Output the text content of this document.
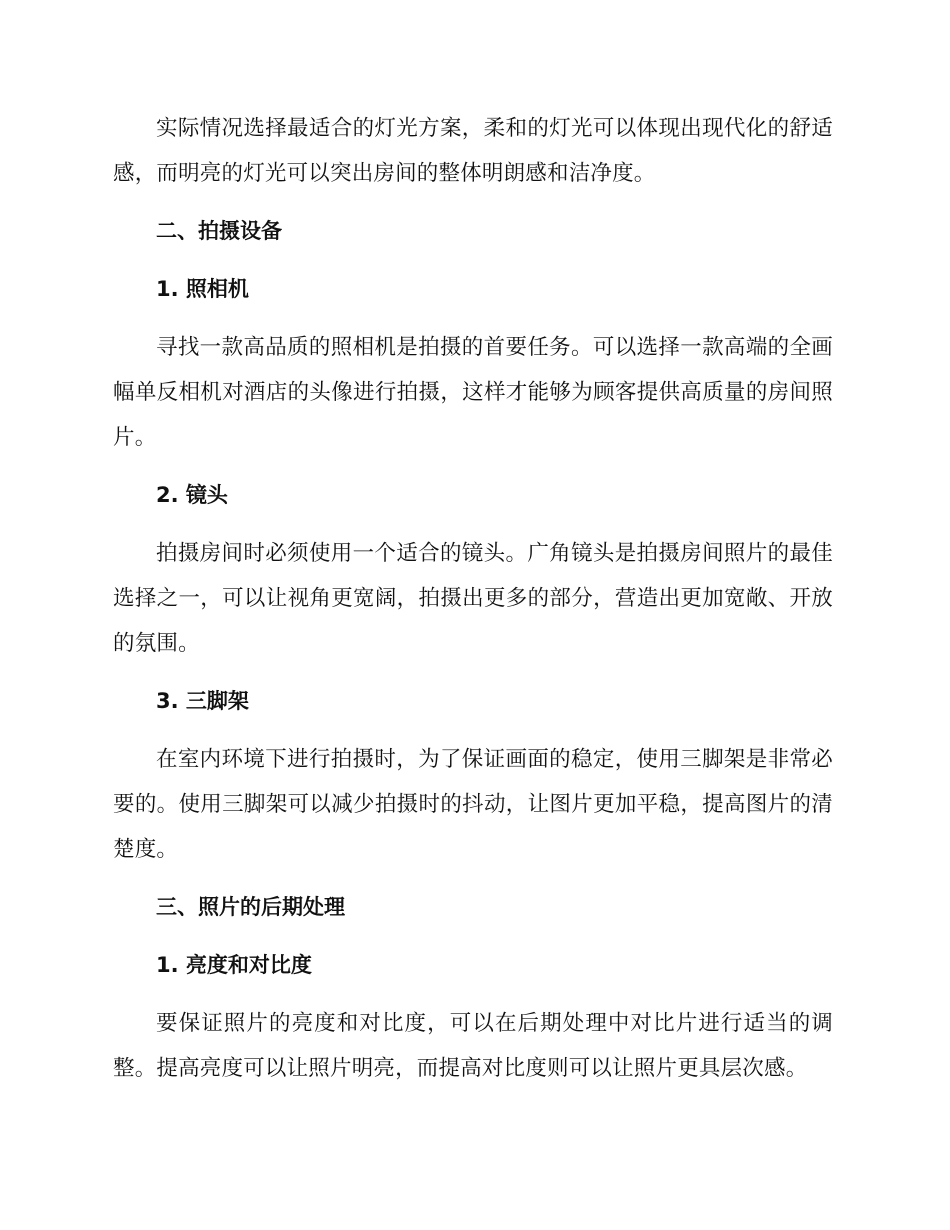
实际情况选择最适合的灯光方案，柔和的灯光可以体现出现代化的舒适感，而明亮的灯光可以突出房间的整体明朗感和洁净度。

二、拍摄设备

1. 照相机

寻找一款高品质的照相机是拍摄的首要任务。可以选择一款高端的全画幅单反相机对酒店的头像进行拍摄，这样才能够为顾客提供高质量的房间照片。

2. 镜头

拍摄房间时必须使用一个适合的镜头。广角镜头是拍摄房间照片的最佳选择之一，可以让视角更宽阔，拍摄出更多的部分，营造出更加宽敞、开放的氛围。

3. 三脚架

在室内环境下进行拍摄时，为了保证画面的稳定，使用三脚架是非常必要的。使用三脚架可以减少拍摄时的抖动，让图片更加平稳，提高图片的清楚度。

三、照片的后期处理

1. 亮度和对比度

要保证照片的亮度和对比度，可以在后期处理中对比片进行适当的调整。提高亮度可以让照片明亮，而提高对比度则可以让照片更具层次感。
